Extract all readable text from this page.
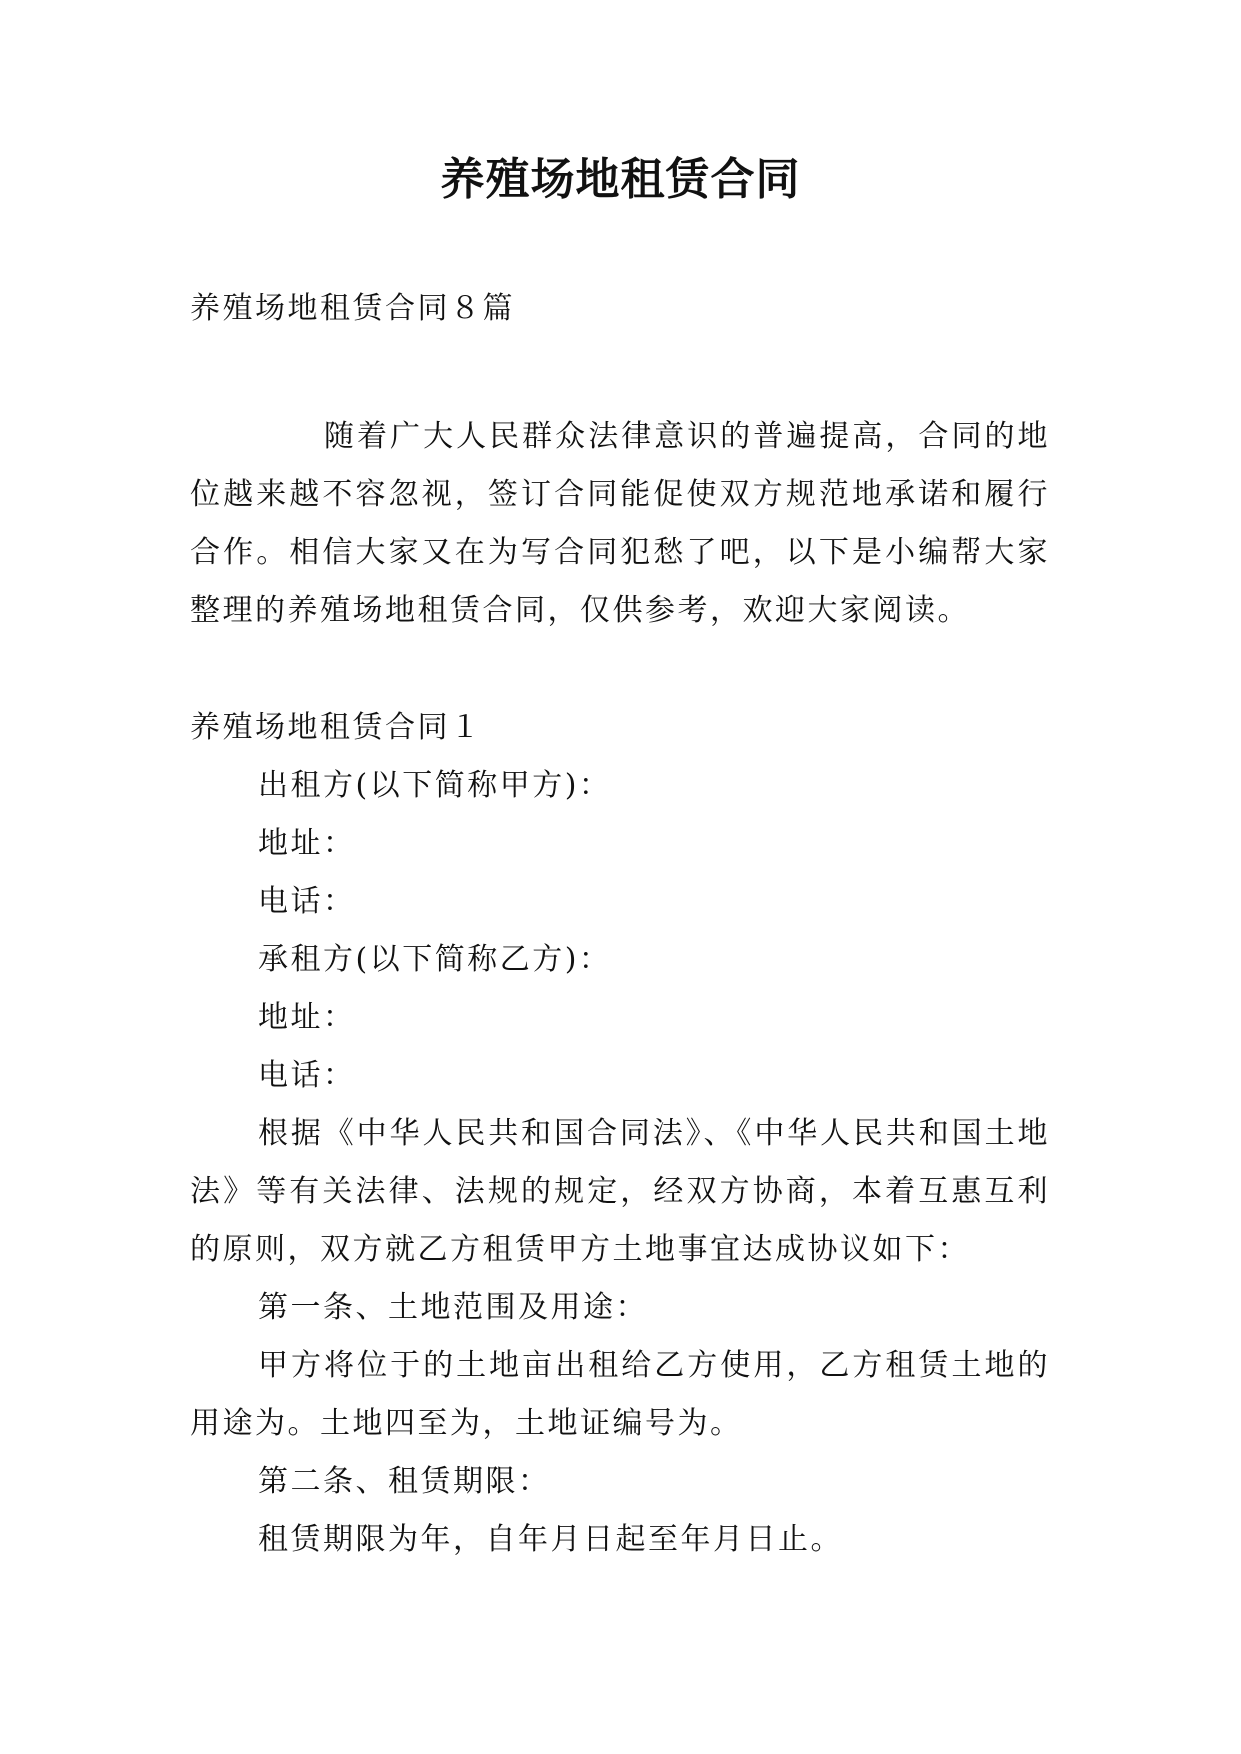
养殖场地租赁合同

养殖场地租赁合同８篇

随着广大人民群众法律意识的普遍提高，合同的地位越来越不容忽视，签订合同能促使双方规范地承诺和履行合作。相信大家又在为写合同犯愁了吧，以下是小编帮大家整理的养殖场地租赁合同，仅供参考，欢迎大家阅读。

养殖场地租赁合同１

出租方(以下简称甲方)：

地址：

电话：

承租方(以下简称乙方)：

地址：

电话：

根据《中华人民共和国合同法》、《中华人民共和国土地法》等有关法律、法规的规定，经双方协商，本着互惠互利的原则，双方就乙方租赁甲方土地事宜达成协议如下：

第一条、土地范围及用途：

甲方将位于的土地亩出租给乙方使用，乙方租赁土地的用途为。土地四至为，土地证编号为。

第二条、租赁期限：

租赁期限为年，自年月日起至年月日止。
